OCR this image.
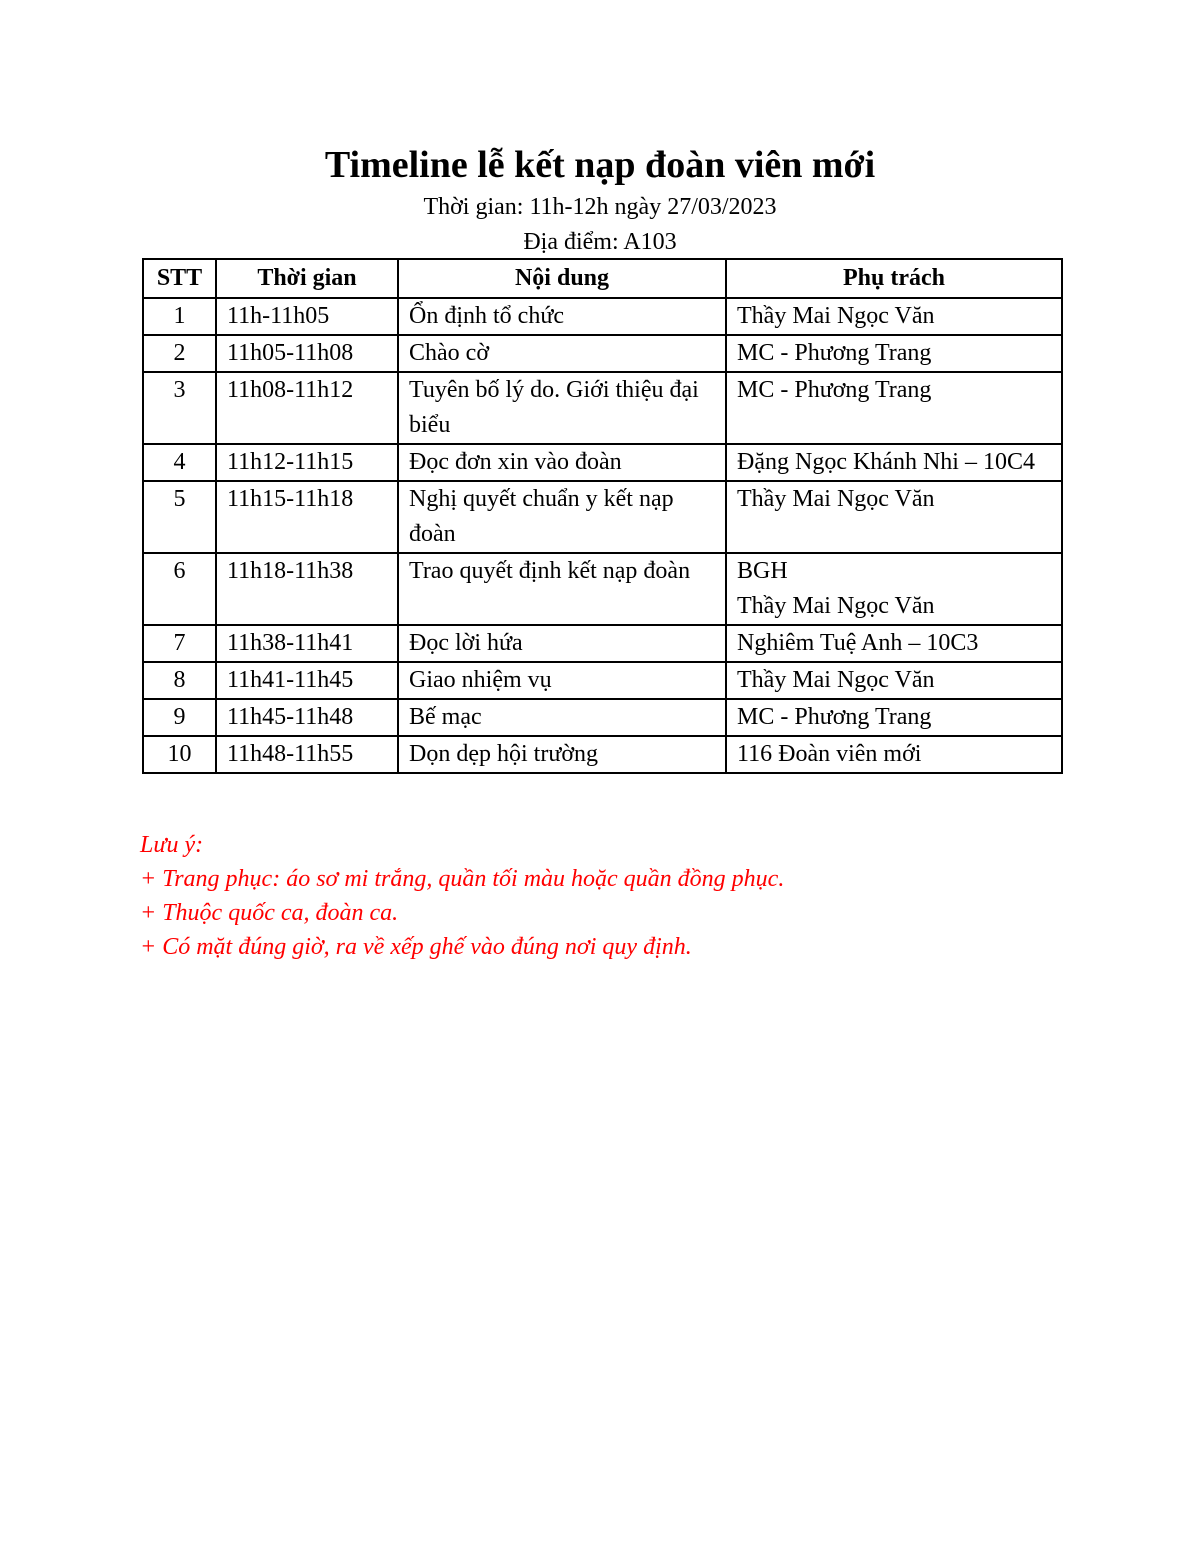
Timeline lễ kết nạp đoàn viên mới
Thời gian: 11h-12h ngày 27/03/2023
Địa điểm: A103
STT	Thời gian	Nội dung	Phụ trách
1	11h-11h05	Ổn định tổ chức	Thầy Mai Ngọc Văn

2	11h05-11h08	Chào cờ	MC - Phương Trang

3	11h08-11h12	Tuyên bố lý do. Giới thiệu đại biểu	MC - Phương Trang

4	11h12-11h15	Đọc đơn xin vào đoàn	Đặng Ngọc Khánh Nhi – 10C4

5	11h15-11h18	Nghị quyết chuẩn y kết nạp đoàn	Thầy Mai Ngọc Văn

6	11h18-11h38	Trao quyết định kết nạp đoàn	BGH
Thầy Mai Ngọc Văn

7	11h38-11h41	Đọc lời hứa	Nghiêm Tuệ Anh – 10C3

8	11h41-11h45	Giao nhiệm vụ	Thầy Mai Ngọc Văn

9	11h45-11h48	Bế mạc	MC - Phương Trang

10	11h48-11h55	Dọn dẹp hội trường	116 Đoàn viên mới
Lưu ý:
+ Trang phục: áo sơ mi trắng, quần tối màu hoặc quần đồng phục.
+ Thuộc quốc ca, đoàn ca.
+ Có mặt đúng giờ, ra về xếp ghế vào đúng nơi quy định.
